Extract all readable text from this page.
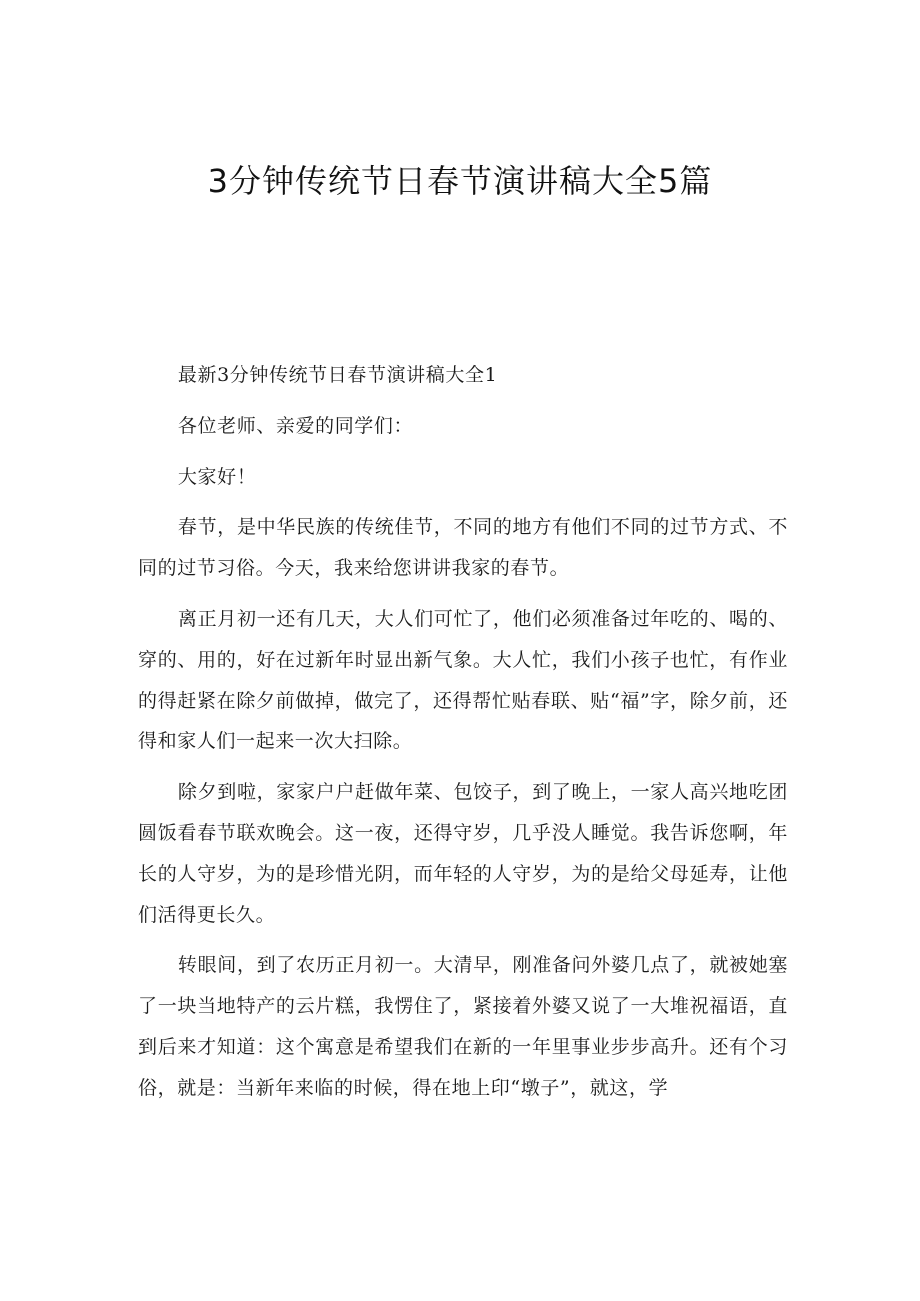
3分钟传统节日春节演讲稿大全5篇

最新3分钟传统节日春节演讲稿大全1

各位老师、亲爱的同学们：

大家好！

春节，是中华民族的传统佳节，不同的地方有他们不同的过节方式、不同的过节习俗。今天，我来给您讲讲我家的春节。

离正月初一还有几天，大人们可忙了，他们必须准备过年吃的、喝的、穿的、用的，好在过新年时显出新气象。大人忙，我们小孩子也忙，有作业的得赶紧在除夕前做掉，做完了，还得帮忙贴春联、贴“福”字，除夕前，还得和家人们一起来一次大扫除。

除夕到啦，家家户户赶做年菜、包饺子，到了晚上，一家人高兴地吃团圆饭看春节联欢晚会。这一夜，还得守岁，几乎没人睡觉。我告诉您啊，年长的人守岁，为的是珍惜光阴，而年轻的人守岁，为的是给父母延寿，让他们活得更长久。

转眼间，到了农历正月初一。大清早，刚准备问外婆几点了，就被她塞了一块当地特产的云片糕，我愣住了，紧接着外婆又说了一大堆祝福语，直到后来才知道：这个寓意是希望我们在新的一年里事业步步高升。还有个习俗，就是：当新年来临的时候，得在地上印“墩子”，就这，学
